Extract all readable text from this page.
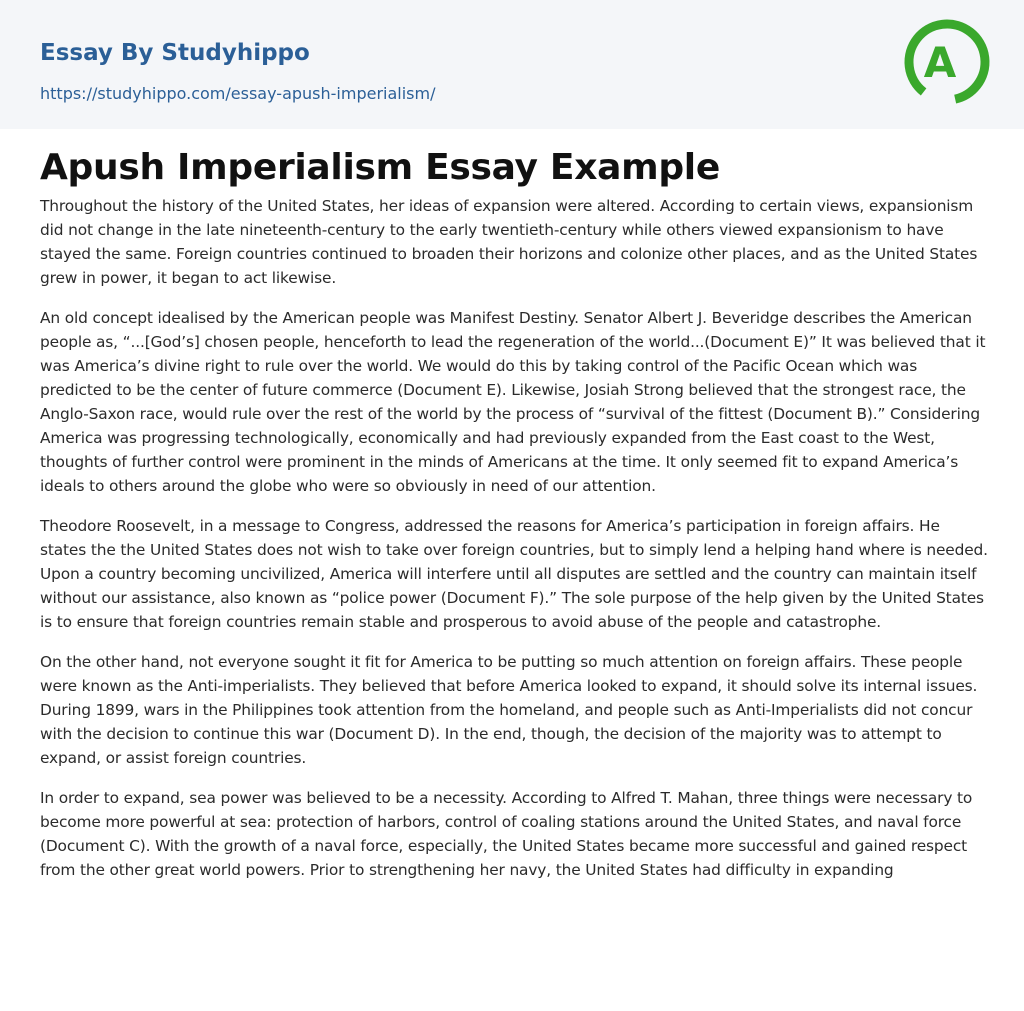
Essay By Studyhippo
https://studyhippo.com/essay-apush-imperialism/
A
Apush Imperialism Essay Example

Throughout the history of the United States, her ideas of expansion were altered. According to certain views, expansionism did not change in the late nineteenth-century to the early twentieth-century while others viewed expansionism to have stayed the same. Foreign countries continued to broaden their horizons and colonize other places, and as the United States grew in power, it began to act likewise.

An old concept idealised by the American people was Manifest Destiny. Senator Albert J. Beveridge describes the American people as, “...[God’s] chosen people, henceforth to lead the regeneration of the world...(Document E)” It was believed that it was America’s divine right to rule over the world. We would do this by taking control of the Pacific Ocean which was predicted to be the center of future commerce (Document E). Likewise, Josiah Strong believed that the strongest race, the Anglo-Saxon race, would rule over the rest of the world by the process of “survival of the fittest (Document B).” Considering America was progressing technologically, economically and had previously expanded from the East coast to the West, thoughts of further control were prominent in the minds of Americans at the time. It only seemed fit to expand America’s ideals to others around the globe who were so obviously in need of our attention.

Theodore Roosevelt, in a message to Congress, addressed the reasons for America’s participation in foreign affairs. He states the the United States does not wish to take over foreign countries, but to simply lend a helping hand where is needed. Upon a country becoming uncivilized, America will interfere until all disputes are settled and the country can maintain itself without our assistance, also known as “police power (Document F).” The sole purpose of the help given by the United States is to ensure that foreign countries remain stable and prosperous to avoid abuse of the people and catastrophe.

On the other hand, not everyone sought it fit for America to be putting so much attention on foreign affairs. These people were known as the Anti-imperialists. They believed that before America looked to expand, it should solve its internal issues. During 1899, wars in the Philippines took attention from the homeland, and people such as Anti-Imperialists did not concur with the decision to continue this war (Document D). In the end, though, the decision of the majority was to attempt to expand, or assist foreign countries.

In order to expand, sea power was believed to be a necessity. According to Alfred T. Mahan, three things were necessary to become more powerful at sea: protection of harbors, control of coaling stations around the United States, and naval force (Document C). With the growth of a naval force, especially, the United States became more successful and gained respect from the other great world powers. Prior to strengthening her navy, the United States had difficulty in expanding
